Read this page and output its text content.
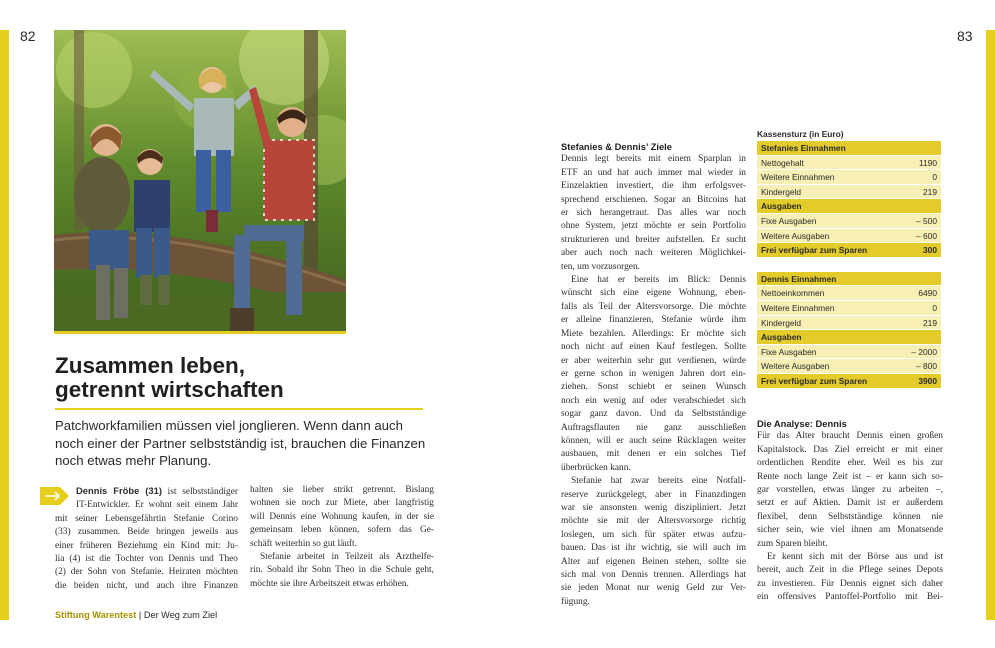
82	83
Zusammen leben,
getrennt wirtschaften
Patchworkfamilien müssen viel jonglieren. Wenn dann auch
noch einer der Partner selbstständig ist, brauchen die Finanzen
noch etwas mehr Planung.
Dennis Fröbe (31) ist selbstständiger
IT-Entwickler. Er wohnt seit einem Jahr
mit seiner Lebensgefährtin Stefanie Corino
(33) zusammen. Beide bringen jeweils aus
einer früheren Beziehung ein Kind mit: Ju-
lia (4) ist die Tochter von Dennis und Theo
(2) der Sohn von Stefanie. Heiraten möchten
die beiden nicht, und auch ihre Finanzen
halten sie lieber strikt getrennt. Bislang
wohnen sie noch zur Miete, aber langfristig
will Dennis eine Wohnung kaufen, in der sie
gemeinsam leben können, sofern das Ge-
schäft weiterhin so gut läuft.
Stefanie arbeitet in Teilzeit als Arzthelfe-
rin. Sobald ihr Sohn Theo in die Schule geht,
möchte sie ihre Arbeitszeit etwas erhöhen.
Stefanies & Dennis’ Ziele
Dennis legt bereits mit einem Sparplan in
ETF an und hat auch immer mal wieder in
Einzelaktien investiert, die ihm erfolgsver-
sprechend erschienen. Sogar an Bitcoins hat
er sich herangetraut. Das alles war noch
ohne System, jetzt möchte er sein Portfolio
strukturieren und breiter aufstellen. Er sucht
aber auch noch nach weiteren Möglichkei-
ten, um vorzusorgen.
Eine hat er bereits im Blick: Dennis
wünscht sich eine eigene Wohnung, eben-
falls als Teil der Altersvorsorge. Die möchte
er alleine finanzieren, Stefanie würde ihm
Miete bezahlen. Allerdings: Er möchte sich
noch nicht auf einen Kauf festlegen. Sollte
er aber weiterhin sehr gut verdienen, würde
er gerne schon in wenigen Jahren dort ein-
ziehen. Sonst schiebt er seinen Wunsch
noch ein wenig auf oder verabschiedet sich
sogar ganz davon. Und da Selbstständige
Auftragsflauten nie ganz ausschließen
können, will er auch seine Rücklagen weiter
ausbauen, mit denen er ein solches Tief
überbrücken kann.
Stefanie hat zwar bereits eine Notfall-
reserve zurückgelegt, aber in Finanzdingen
war sie ansonsten wenig diszipliniert. Jetzt
möchte sie mit der Altersvorsorge richtig
loslegen, um sich für später etwas aufzu-
bauen. Das ist ihr wichtig, sie will auch im
Alter auf eigenen Beinen stehen, sollte sie
sich mal von Dennis trennen. Allerdings hat
sie jeden Monat nur wenig Geld zur Ver-
fügung.
Kassensturz (in Euro)
Stefanies Einnahmen
Nettogehalt	1190
Weitere Einnahmen	0
Kindergeld	219
Ausgaben
Fixe Ausgaben	– 500
Weitere Ausgaben	– 600
Frei verfügbar zum Sparen	300
Dennis Einnahmen
Nettoeinkommen	6490
Weitere Einnahmen	0
Kindergeld	219
Ausgaben
Fixe Ausgaben	– 2000
Weitere Ausgaben	– 800
Frei verfügbar zum Sparen	3900
Die Analyse: Dennis
Für das Alter braucht Dennis einen großen
Kapitalstock. Das Ziel erreicht er mit einer
ordentlichen Rendite eher. Weil es bis zur
Rente noch lange Zeit ist – er kann sich so-
gar vorstellen, etwas länger zu arbeiten –,
setzt er auf Aktien. Damit ist er außerdem
flexibel, denn Selbstständige können nie
sicher sein, wie viel ihnen am Monatsende
zum Sparen bleibt.
Er kennt sich mit der Börse aus und ist
bereit, auch Zeit in die Pflege seines Depots
zu investieren. Für Dennis eignet sich daher
ein offensives Pantoffel-Portfolio mit Bei-
Stiftung Warentest | Der Weg zum Ziel
